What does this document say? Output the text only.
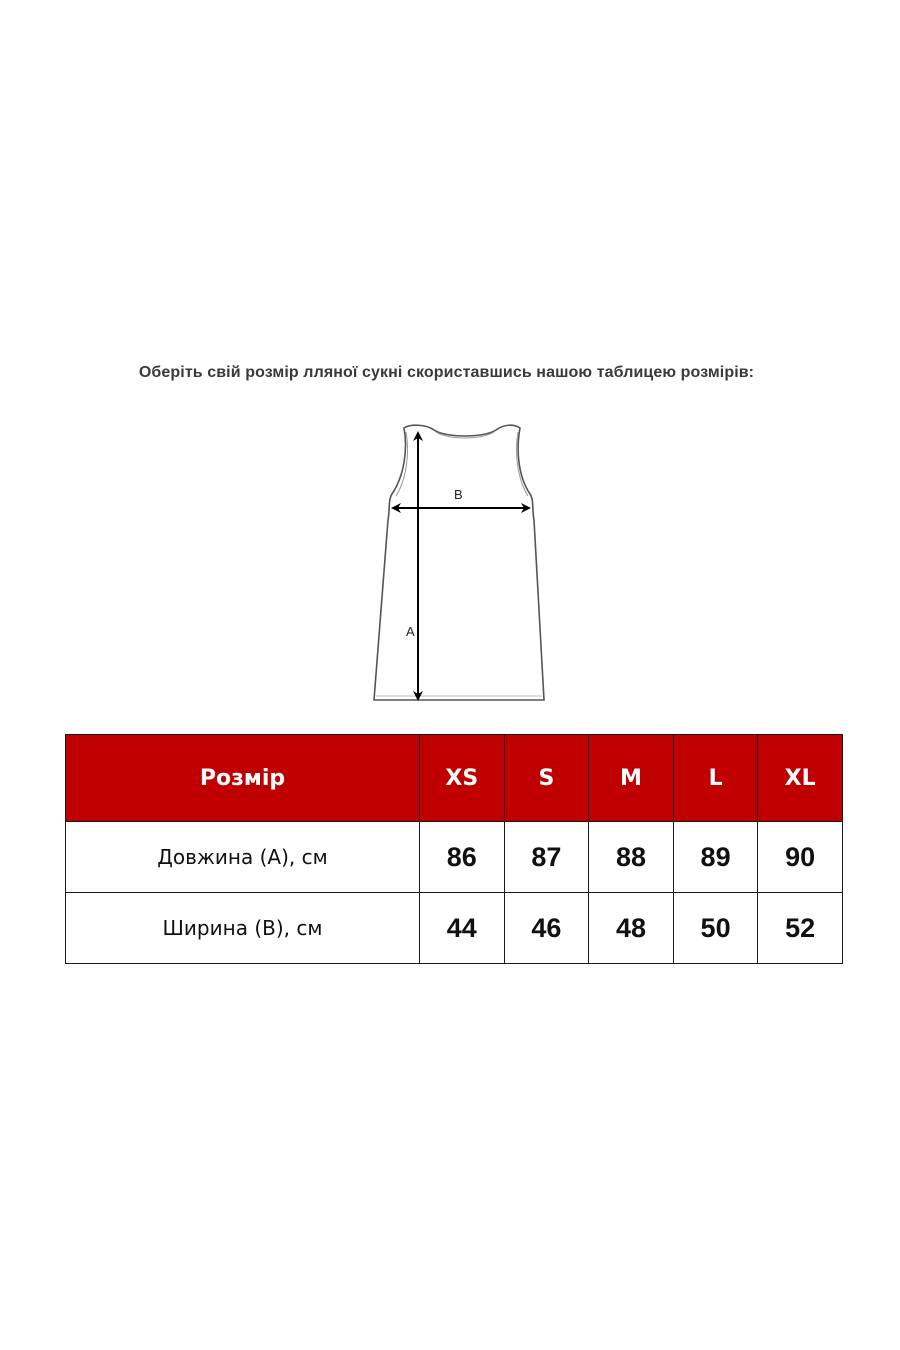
Оберіть свій розмір лляної сукні скориставшись нашою таблицею розмірів:
B
A
Розмір	XS	S	M	L	XL
Довжина (А), см	86	87	88	89	90
Ширина (В), см	44	46	48	50	52
